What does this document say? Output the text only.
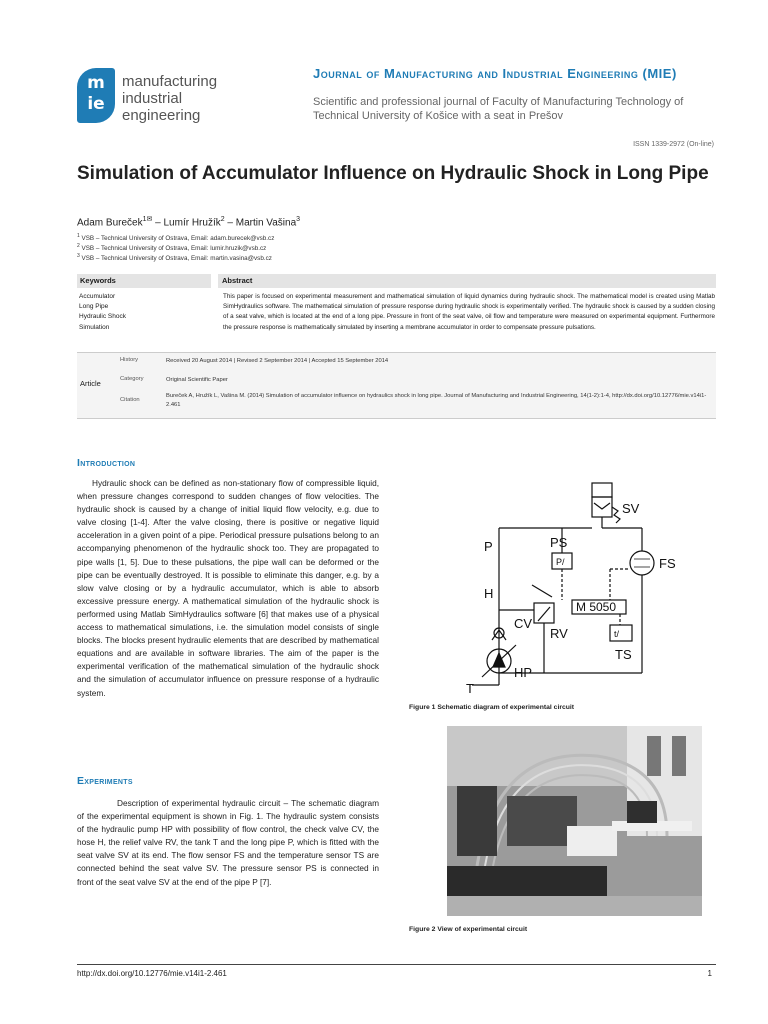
m
ie
manufacturing
industrial
engineering
Journal of Manufacturing and Industrial Engineering (MIE)
Scientific and professional journal of Faculty of Manufacturing Technology of Technical University of Košice with a seat in Prešov
ISSN 1339-2972 (On-line)
Simulation of Accumulator Influence on Hydraulic Shock in Long Pipe
Adam Bureček$^{1✉}$ – Lumír Hružík$^2$ – Martin Vašina$^3$
$^1$ VSB – Technical University of Ostrava, Email: adam.burecek@vsb.cz
$^2$ VSB – Technical University of Ostrava, Email: lumir.hruzik@vsb.cz
$^3$ VSB – Technical University of Ostrava, Email: martin.vasina@vsb.cz
Keywords	Abstract
Accumulator
Long Pipe
Hydraulic Shock
Simulation
This paper is focused on experimental measurement and mathematical simulation of liquid dynamics during hydraulic shock. The mathematical model is created using Matlab SimHydraulics software. The mathematical simulation of pressure response during hydraulic shock is experimentally verified. The hydraulic shock is caused by a sudden closing of a seat valve, which is located at the end of a long pipe. Pressure in front of the seat valve, oil flow and temperature were measured on experimental equipment. Furthermore the pressure response is mathematically simulated by inserting a membrane accumulator in order to compensate pressure pulsations.
Article
History	Received 20 August 2014 | Revised 2 September 2014 | Accepted 15 September 2014
Category	Original Scientific Paper
Citation
Bureček A, Hružík L, Vašina M. (2014) Simulation of accumulator influence on hydraulics shock in long pipe. Journal of Manufacturing and Industrial Engineering, 14(1-2):1-4, http://dx.doi.org/10.12776/mie.v14i1-2.461
Introduction
Hydraulic shock can be defined as non-stationary flow of compressible liquid, when pressure changes correspond to sudden changes of flow velocities. The hydraulic shock is caused by a change of initial liquid flow velocity, e.g. due to valve closing [1-4]. After the valve closing, there is positive or negative liquid acceleration in a given point of a pipe. Periodical pressure pulsations belong to an accompanying phenomenon of the hydraulic shock too. They are propagated to pipe walls [1, 5]. Due to these pulsations, the pipe wall can be deformed or the pipe can be eventually destroyed. It is possible to eliminate this danger, e.g. by a slow valve closing or by a hydraulic accumulator, which is able to absorb excessive pressure energy. A mathematical simulation of the hydraulic shock is performed using Matlab SimHydraulics software [6] that makes use of a physical access to mathematical simulations, i.e. the simulation model consists of single blocks. The blocks present hydraulic elements that are described by mathematical equations and are available in software libraries. The aim of the paper is the experimental verification of the mathematical simulation of the hydraulic shock and the simulation of accumulator influence on pressure response of a hydraulic system.
Experiments
Description of experimental hydraulic circuit – The schematic diagram of the experimental equipment is shown in Fig. 1. The hydraulic system consists of the hydraulic pump HP with possibility of flow control, the check valve CV, the hose H, the relief valve RV, the tank T and the long pipe P, which is fitted with the seat valve SV at its end. The flow sensor FS and the temperature sensor TS are connected behind the seat valve SV. The pressure sensor PS is connected in front of the seat valve SV at the end of the pipe P [7].
SV
FS
P	PS
P/
H
M 5050
RV	t/
TS
CV
HP
T
Figure 1 Schematic diagram of experimental circuit
Figure 2 View of experimental circuit
http://dx.doi.org/10.12776/mie.v14i1-2.461	1
